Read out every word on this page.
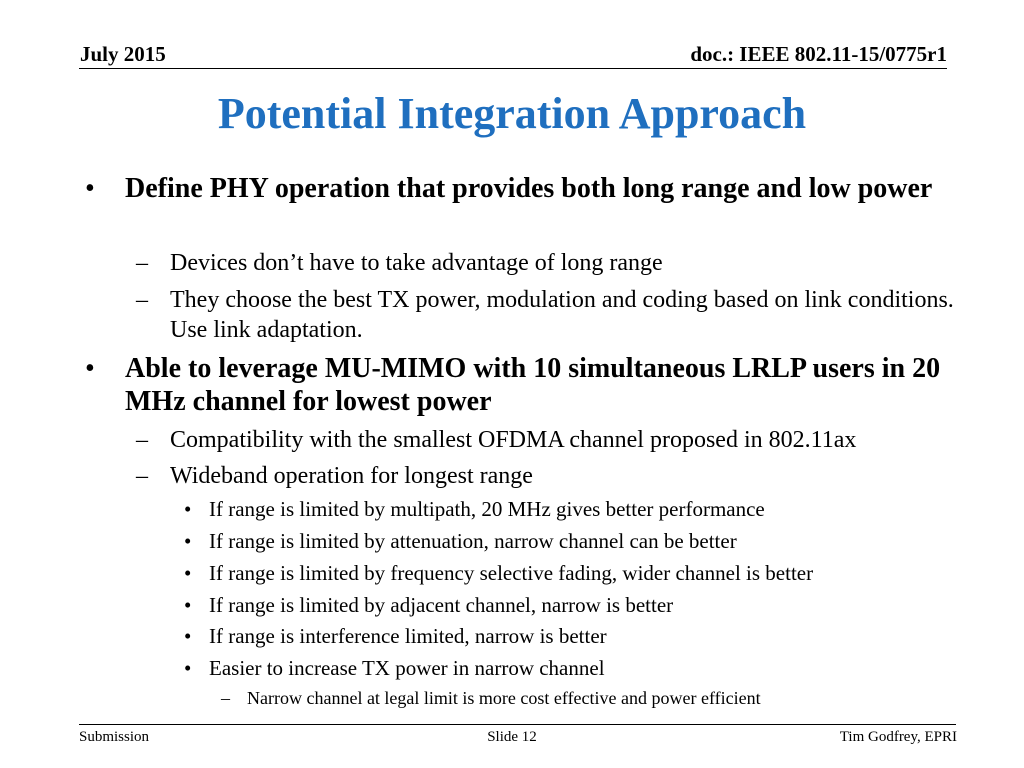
July 2015	doc.: IEEE 802.11-15/0775r1
Potential Integration Approach
• Define PHY operation that provides both long range and low power
– Devices don’t have to take advantage of long range
– They choose the best TX power, modulation and coding based on link conditions. Use link adaptation.
• Able to leverage MU-MIMO with 10 simultaneous LRLP users in 20 MHz channel for lowest power
– Compatibility with the smallest OFDMA channel proposed in 802.11ax
– Wideband operation for longest range
• If range is limited by multipath, 20 MHz gives better performance
• If range is limited by attenuation, narrow channel can be better
• If range is limited by frequency selective fading, wider channel is better
• If range is limited by adjacent channel, narrow is better
• If range is interference limited, narrow is better
• Easier to increase TX power in narrow channel
– Narrow channel at legal limit is more cost effective and power efficient
Submission	Slide 12	Tim Godfrey, EPRI
